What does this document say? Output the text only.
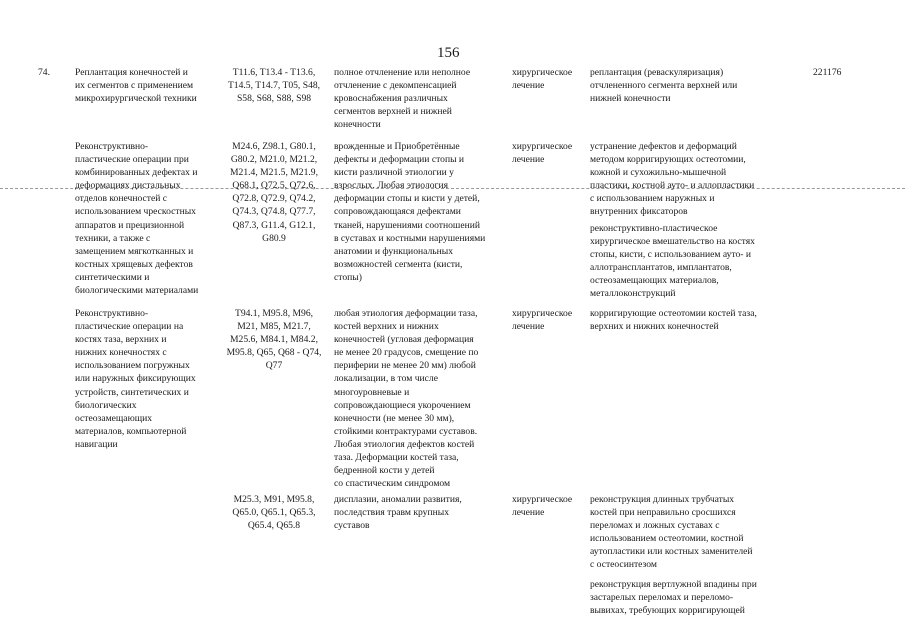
156
74.	Реплантация конечностей и
их сегментов с применением
микрохирургической техники
T11.6, T13.4 - T13.6,
T14.5, T14.7, T05, S48,
S58, S68, S88, S98
полное отчленение или неполное
отчленение с декомпенсацией
кровоснабжения различных
сегментов верхней и нижней
конечности
хирургическое
лечение
реплантация (реваскуляризация)
отчлененного сегмента верхней или
нижней конечности
221176
Реконструктивно-
пластические операции при
комбинированных дефектах и
деформациях дистальных
отделов конечностей с
использованием чрескостных
аппаратов и прецизионной
техники, а также с
замещением мягкотканных и
костных хрящевых дефектов
синтетическими и
биологическими материалами
M24.6, Z98.1, G80.1,
G80.2, M21.0, M21.2,
M21.4, M21.5, M21.9,
Q68.1, Q72.5, Q72.6,
Q72.8, Q72.9, Q74.2,
Q74.3, Q74.8, Q77.7,
Q87.3, G11.4, G12.1,
G80.9
врожденные и Приобретённые
дефекты и деформации стопы и
кисти различной этиологии у
взрослых. Любая этиология
деформации стопы и кисти у детей,
сопровождающаяся дефектами
тканей, нарушениями соотношений
в суставах и костными нарушениями
анатомии и функциональных
возможностей сегмента (кисти,
стопы)
хирургическое
лечение
устранение дефектов и деформаций
методом корригирующих остеотомии,
кожной и сухожильно-мышечной
пластики, костной ауто- и аллопластики
с использованием наружных и
внутренних фиксаторов
реконструктивно-пластическое
хирургическое вмешательство на костях
стопы, кисти, с использованием ауто- и
аллотрансплантатов, имплантатов,
остеозамещающих материалов,
металлоконструкций
Реконструктивно-
пластические операции на
костях таза, верхних и
нижних конечностях с
использованием погружных
или наружных фиксирующих
устройств, синтетических и
биологических
остеозамещающих
материалов, компьютерной
навигации
T94.1, M95.8, M96,
M21, M85, M21.7,
M25.6, M84.1, M84.2,
M95.8, Q65, Q68 - Q74,
Q77
любая этиология деформации таза,
костей верхних и нижних
конечностей (угловая деформация
не менее 20 градусов, смещение по
периферии не менее 20 мм) любой
локализации, в том числе
многоуровневые и
сопровождающиеся укорочением
конечности (не менее 30 мм),
стойкими контрактурами суставов.
Любая этиология дефектов костей
таза. Деформации костей таза,
бедренной кости у детей
со спастическим синдромом
хирургическое
лечение
корригирующие остеотомии костей таза,
верхних и нижних конечностей
M25.3, M91, M95.8,
Q65.0, Q65.1, Q65.3,
Q65.4, Q65.8
дисплазии, аномалии развития,
последствия травм крупных
суставов
хирургическое
лечение
реконструкция длинных трубчатых
костей при неправильно сросшихся
переломах и ложных суставах с
использованием остеотомии, костной
аутопластики или костных заменителей
с остеосинтезом
реконструкция вертлужной впадины при
застарелых переломах и переломо-
вывихах, требующих корригирующей
